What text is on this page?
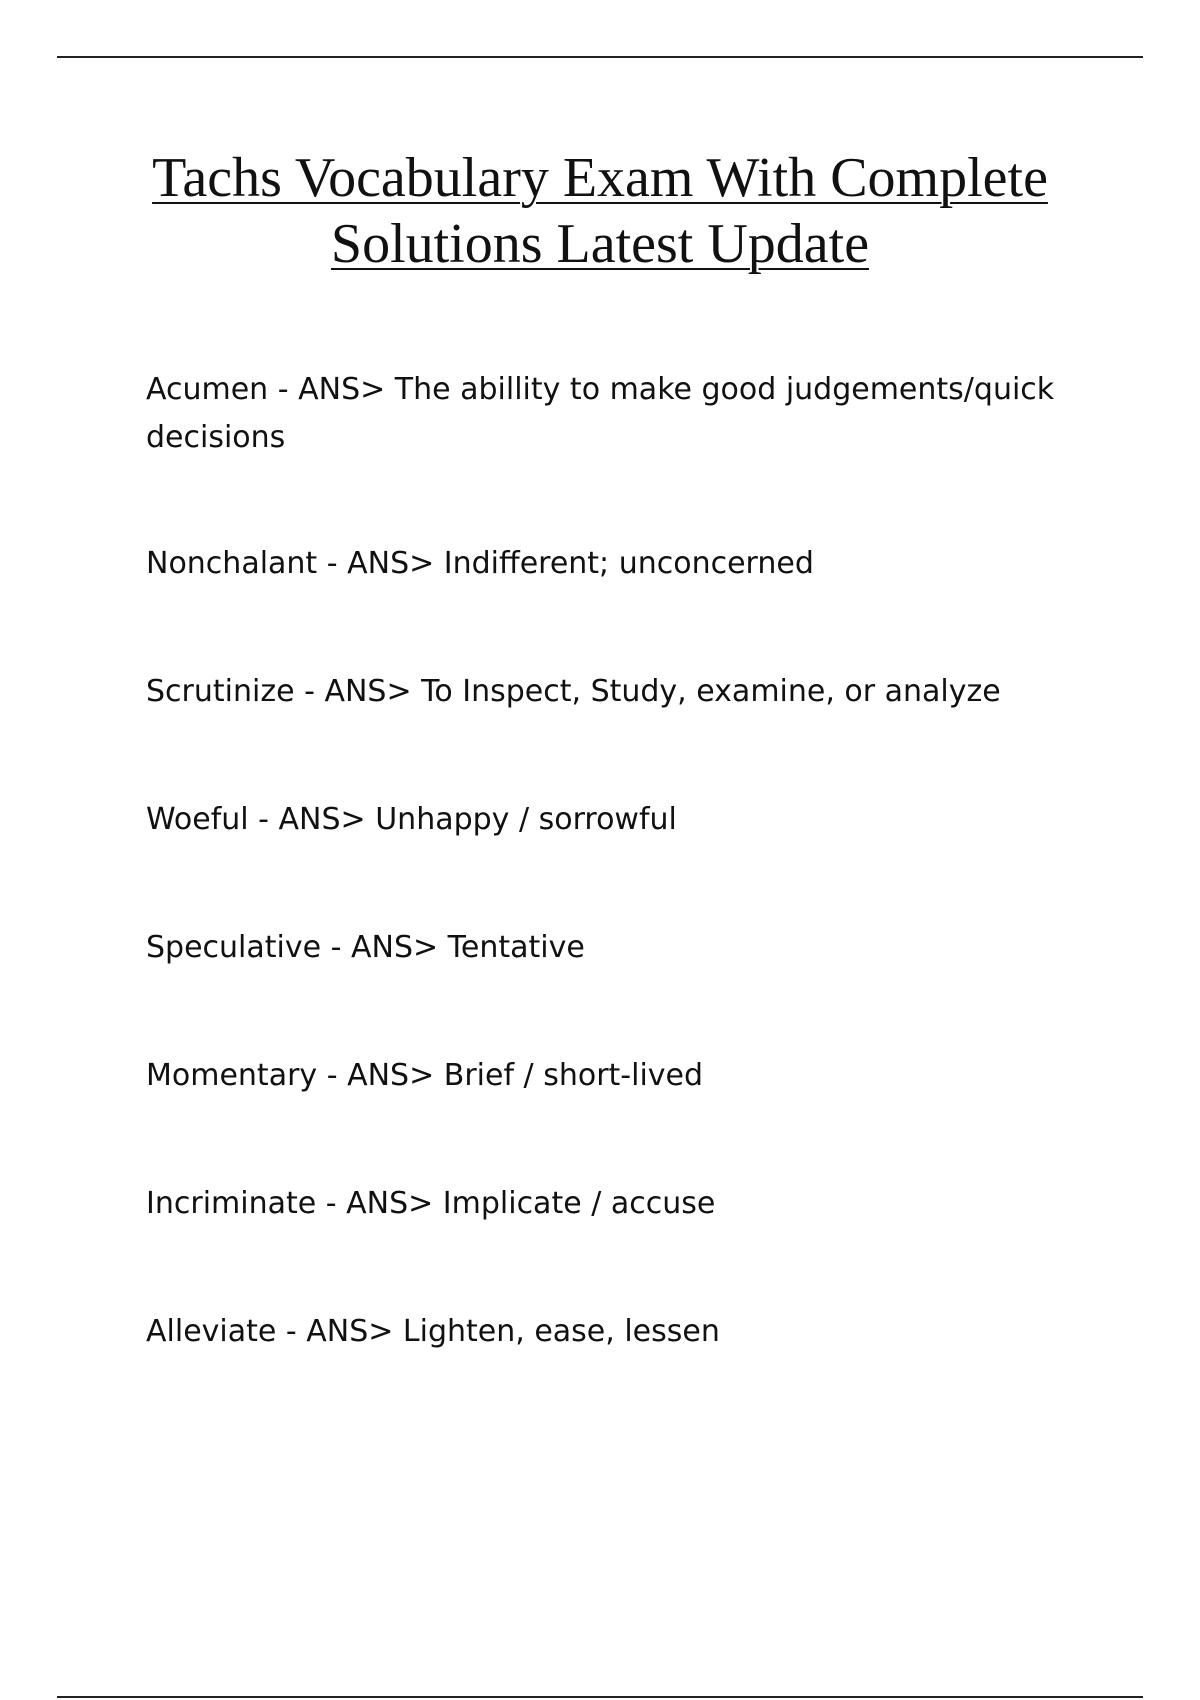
Tachs Vocabulary Exam With Complete Solutions Latest Update
Acumen - ANS> The abillity to make good judgements/quick decisions
Nonchalant - ANS> Indifferent; unconcerned
Scrutinize - ANS> To Inspect, Study, examine, or analyze
Woeful - ANS> Unhappy / sorrowful
Speculative - ANS> Tentative
Momentary - ANS> Brief / short-lived
Incriminate - ANS> Implicate / accuse
Alleviate - ANS> Lighten, ease, lessen
